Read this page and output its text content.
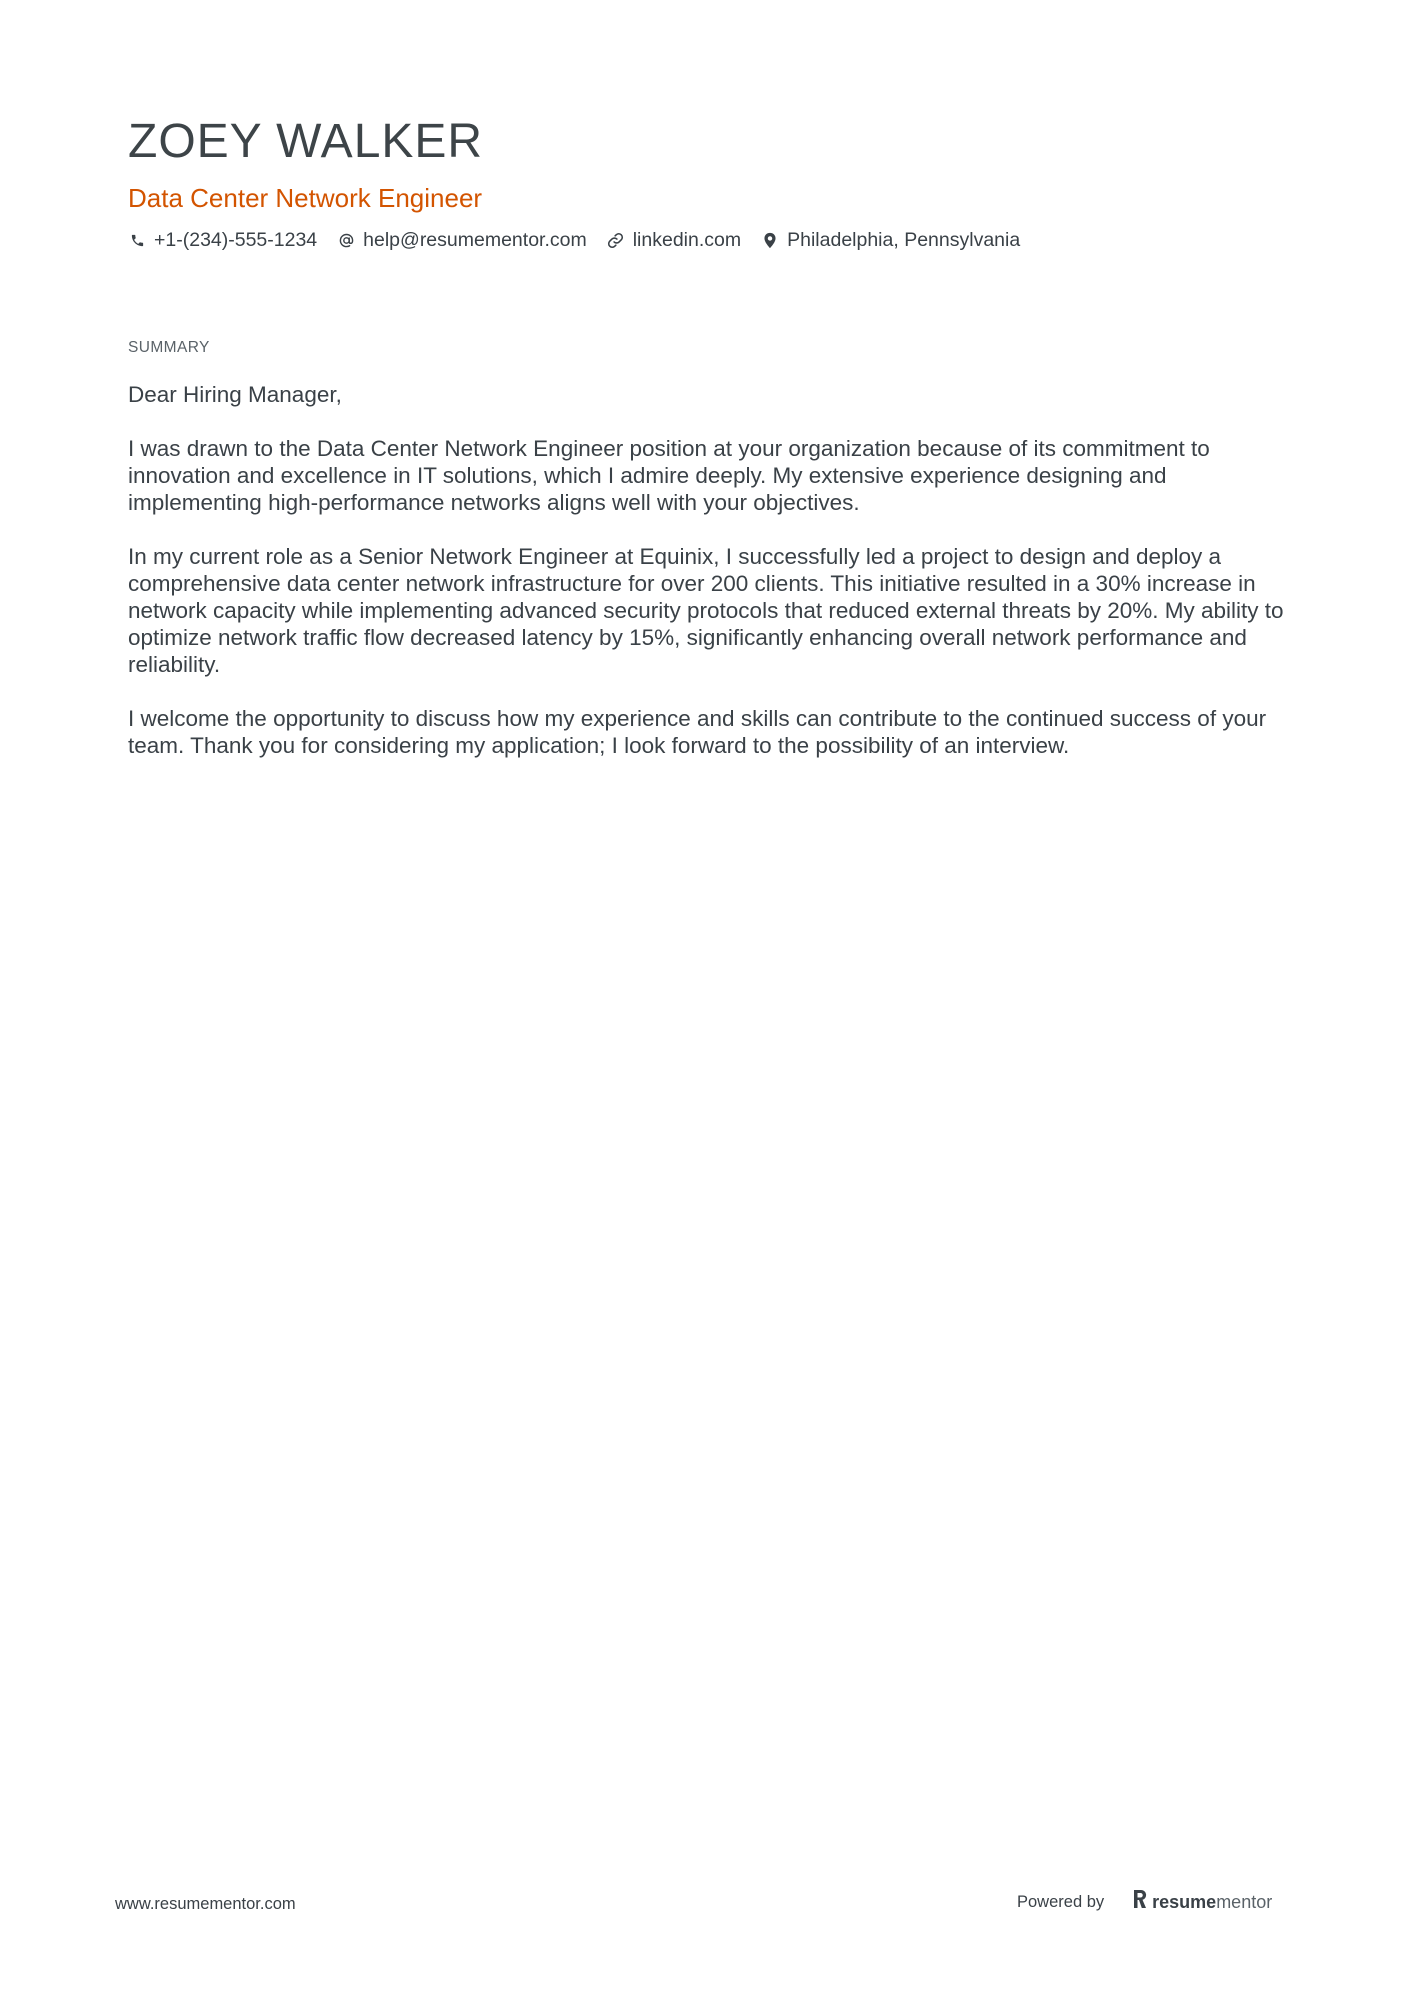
ZOEY WALKER
Data Center Network Engineer
+1-(234)-555-1234 help@resumementor.com linkedin.com Philadelphia, Pennsylvania
SUMMARY

Dear Hiring Manager,

I was drawn to the Data Center Network Engineer position at your organization because of its commitment to innovation and excellence in IT solutions, which I admire deeply. My extensive experience designing and implementing high-performance networks aligns well with your objectives.

In my current role as a Senior Network Engineer at Equinix, I successfully led a project to design and deploy a comprehensive data center network infrastructure for over 200 clients. This initiative resulted in a 30% increase in network capacity while implementing advanced security protocols that reduced external threats by 20%. My ability to optimize network traffic flow decreased latency by 15%, significantly enhancing overall network performance and reliability.

I welcome the opportunity to discuss how my experience and skills can contribute to the continued success of your team. Thank you for considering my application; I look forward to the possibility of an interview.

www.resumementor.com	Powered by	resume mentor
